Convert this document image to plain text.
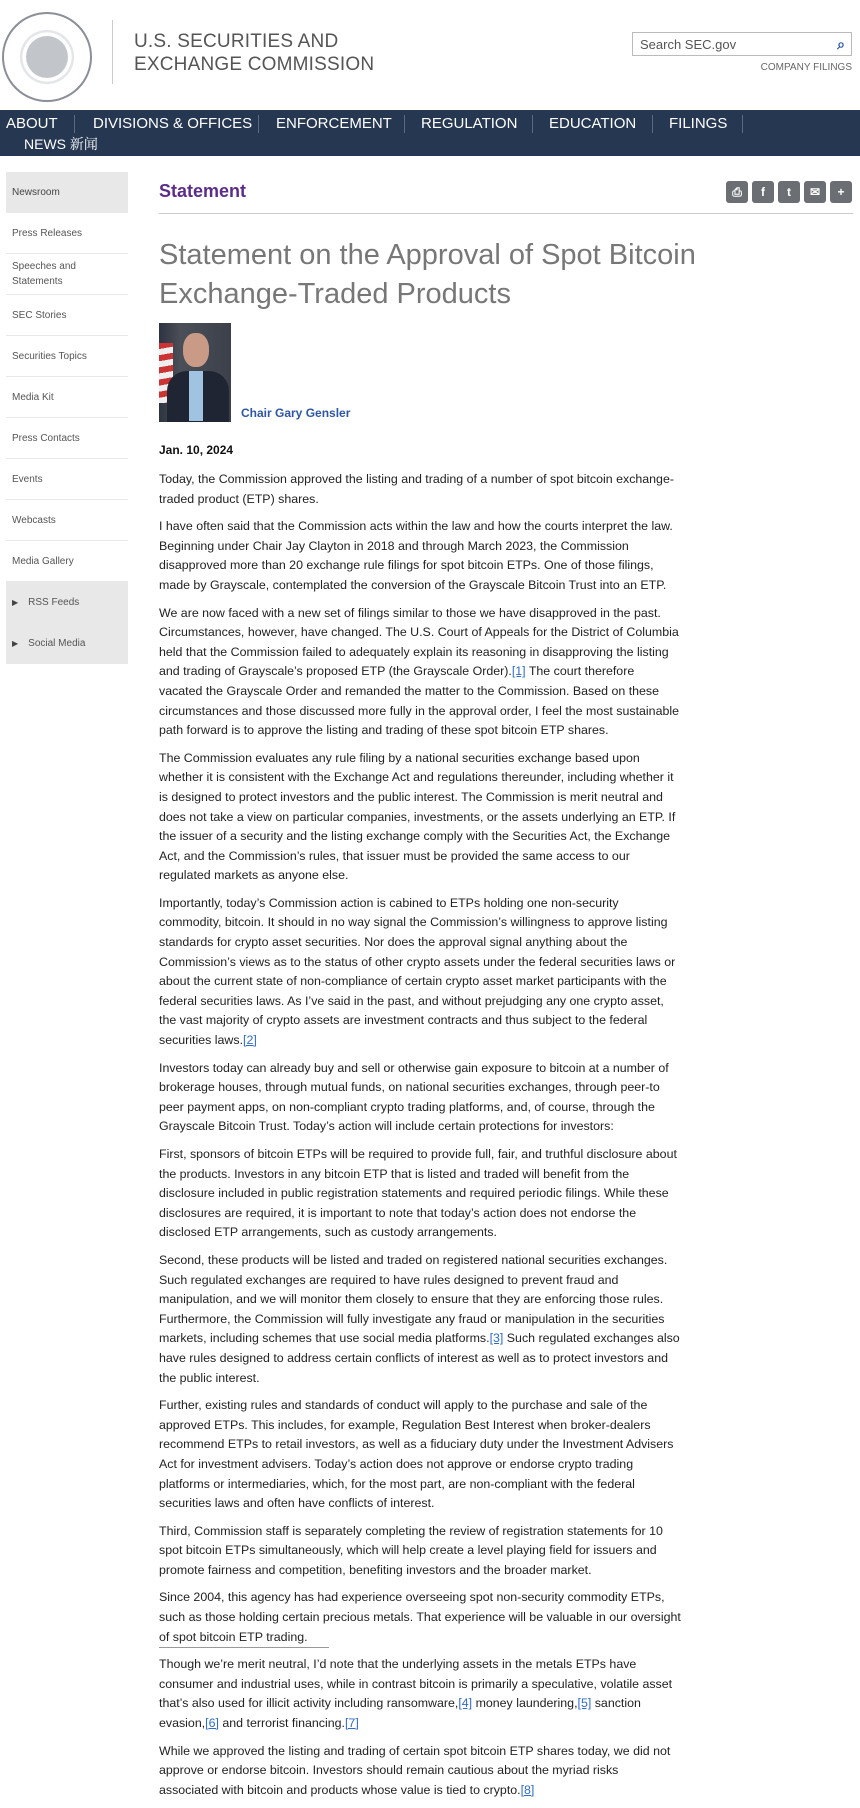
U.S. SECURITIES AND
EXCHANGE COMMISSION
Search SEC.gov	⌕
COMPANY FILINGS
ABOUT DIVISIONS & OFFICES ENFORCEMENT REGULATION EDUCATION FILINGS
NEWS 新闻
Newsroom
Press Releases
Speeches and Statements
SEC Stories
Securities Topics
Media Kit
Press Contacts
Events
Webcasts
Media Gallery
▶ RSS Feeds
▶ Social Media
Statement	⎙	f	t	✉	+
Statement on the Approval of Spot Bitcoin Exchange-Traded Products
Chair Gary Gensler
Jan. 10, 2024

Today, the Commission approved the listing and trading of a number of spot bitcoin exchange-traded product (ETP) shares.

I have often said that the Commission acts within the law and how the courts interpret the law. Beginning under Chair Jay Clayton in 2018 and through March 2023, the Commission disapproved more than 20 exchange rule filings for spot bitcoin ETPs. One of those filings, made by Grayscale, contemplated the conversion of the Grayscale Bitcoin Trust into an ETP.

We are now faced with a new set of filings similar to those we have disapproved in the past. Circumstances, however, have changed. The U.S. Court of Appeals for the District of Columbia held that the Commission failed to adequately explain its reasoning in disapproving the listing and trading of Grayscale’s proposed ETP (the Grayscale Order).[1] The court therefore vacated the Grayscale Order and remanded the matter to the Commission. Based on these circumstances and those discussed more fully in the approval order, I feel the most sustainable path forward is to approve the listing and trading of these spot bitcoin ETP shares.

The Commission evaluates any rule filing by a national securities exchange based upon whether it is consistent with the Exchange Act and regulations thereunder, including whether it is designed to protect investors and the public interest. The Commission is merit neutral and does not take a view on particular companies, investments, or the assets underlying an ETP. If the issuer of a security and the listing exchange comply with the Securities Act, the Exchange Act, and the Commission’s rules, that issuer must be provided the same access to our regulated markets as anyone else.

Importantly, today’s Commission action is cabined to ETPs holding one non-security commodity, bitcoin. It should in no way signal the Commission’s willingness to approve listing standards for crypto asset securities. Nor does the approval signal anything about the Commission’s views as to the status of other crypto assets under the federal securities laws or about the current state of non-compliance of certain crypto asset market participants with the federal securities laws. As I’ve said in the past, and without prejudging any one crypto asset, the vast majority of crypto assets are investment contracts and thus subject to the federal securities laws.[2]

Investors today can already buy and sell or otherwise gain exposure to bitcoin at a number of brokerage houses, through mutual funds, on national securities exchanges, through peer-to peer payment apps, on non-compliant crypto trading platforms, and, of course, through the Grayscale Bitcoin Trust. Today’s action will include certain protections for investors:

First, sponsors of bitcoin ETPs will be required to provide full, fair, and truthful disclosure about the products. Investors in any bitcoin ETP that is listed and traded will benefit from the disclosure included in public registration statements and required periodic filings. While these disclosures are required, it is important to note that today’s action does not endorse the disclosed ETP arrangements, such as custody arrangements.

Second, these products will be listed and traded on registered national securities exchanges. Such regulated exchanges are required to have rules designed to prevent fraud and manipulation, and we will monitor them closely to ensure that they are enforcing those rules. Furthermore, the Commission will fully investigate any fraud or manipulation in the securities markets, including schemes that use social media platforms.[3] Such regulated exchanges also have rules designed to address certain conflicts of interest as well as to protect investors and the public interest.

Further, existing rules and standards of conduct will apply to the purchase and sale of the approved ETPs. This includes, for example, Regulation Best Interest when broker-dealers recommend ETPs to retail investors, as well as a fiduciary duty under the Investment Advisers Act for investment advisers. Today’s action does not approve or endorse crypto trading platforms or intermediaries, which, for the most part, are non-compliant with the federal securities laws and often have conflicts of interest.

Third, Commission staff is separately completing the review of registration statements for 10 spot bitcoin ETPs simultaneously, which will help create a level playing field for issuers and promote fairness and competition, benefiting investors and the broader market.

Since 2004, this agency has had experience overseeing spot non-security commodity ETPs, such as those holding certain precious metals. That experience will be valuable in our oversight of spot bitcoin ETP trading.

Though we’re merit neutral, I’d note that the underlying assets in the metals ETPs have consumer and industrial uses, while in contrast bitcoin is primarily a speculative, volatile asset that’s also used for illicit activity including ransomware,[4] money laundering,[5] sanction evasion,[6] and terrorist financing.[7]

While we approved the listing and trading of certain spot bitcoin ETP shares today, we did not approve or endorse bitcoin. Investors should remain cautious about the myriad risks associated with bitcoin and products whose value is tied to crypto.[8]
